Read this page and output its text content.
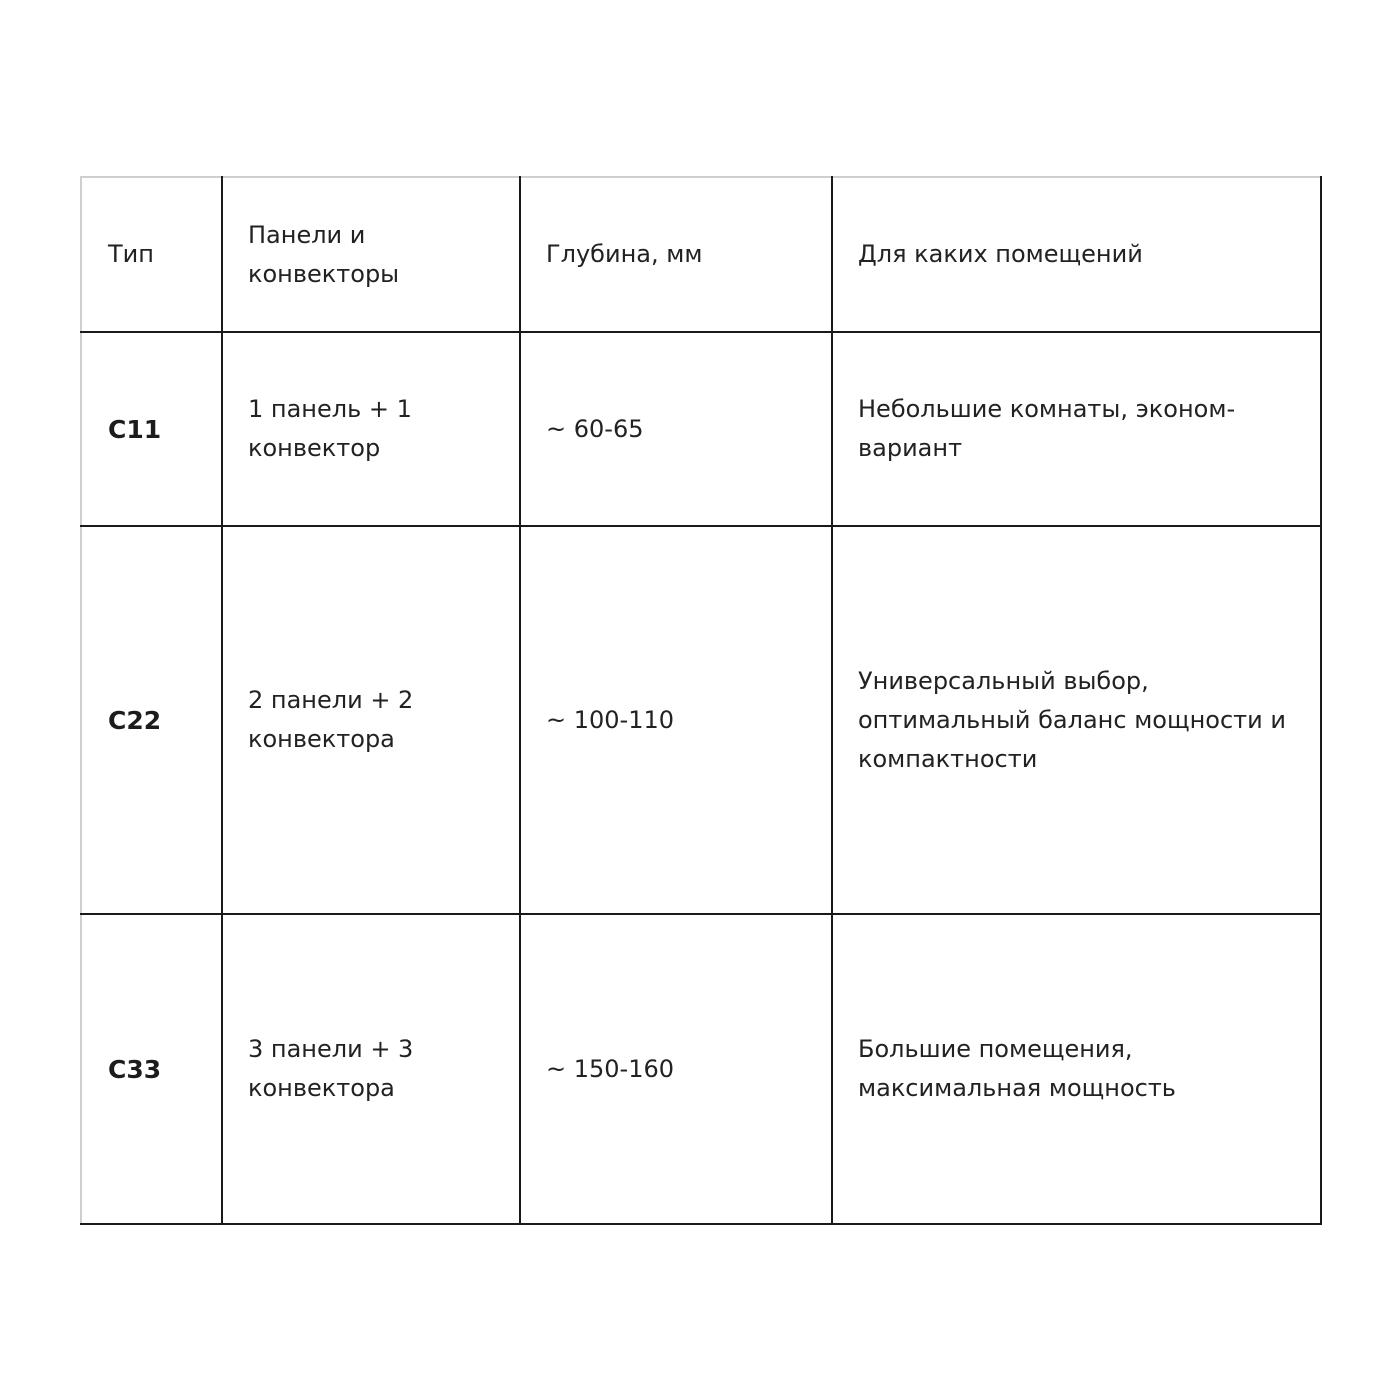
Тип	Панели и конвекторы	Глубина, мм	Для каких помещений
C11	1 панель + 1 конвектор	~ 60-65	Небольшие комнаты, эконом-вариант
C22	2 панели + 2 конвектора	~ 100-110	Универсальный выбор, оптимальный баланс мощности и компактности
C33	3 панели + 3 конвектора	~ 150-160	Большие помещения, максимальная мощность
